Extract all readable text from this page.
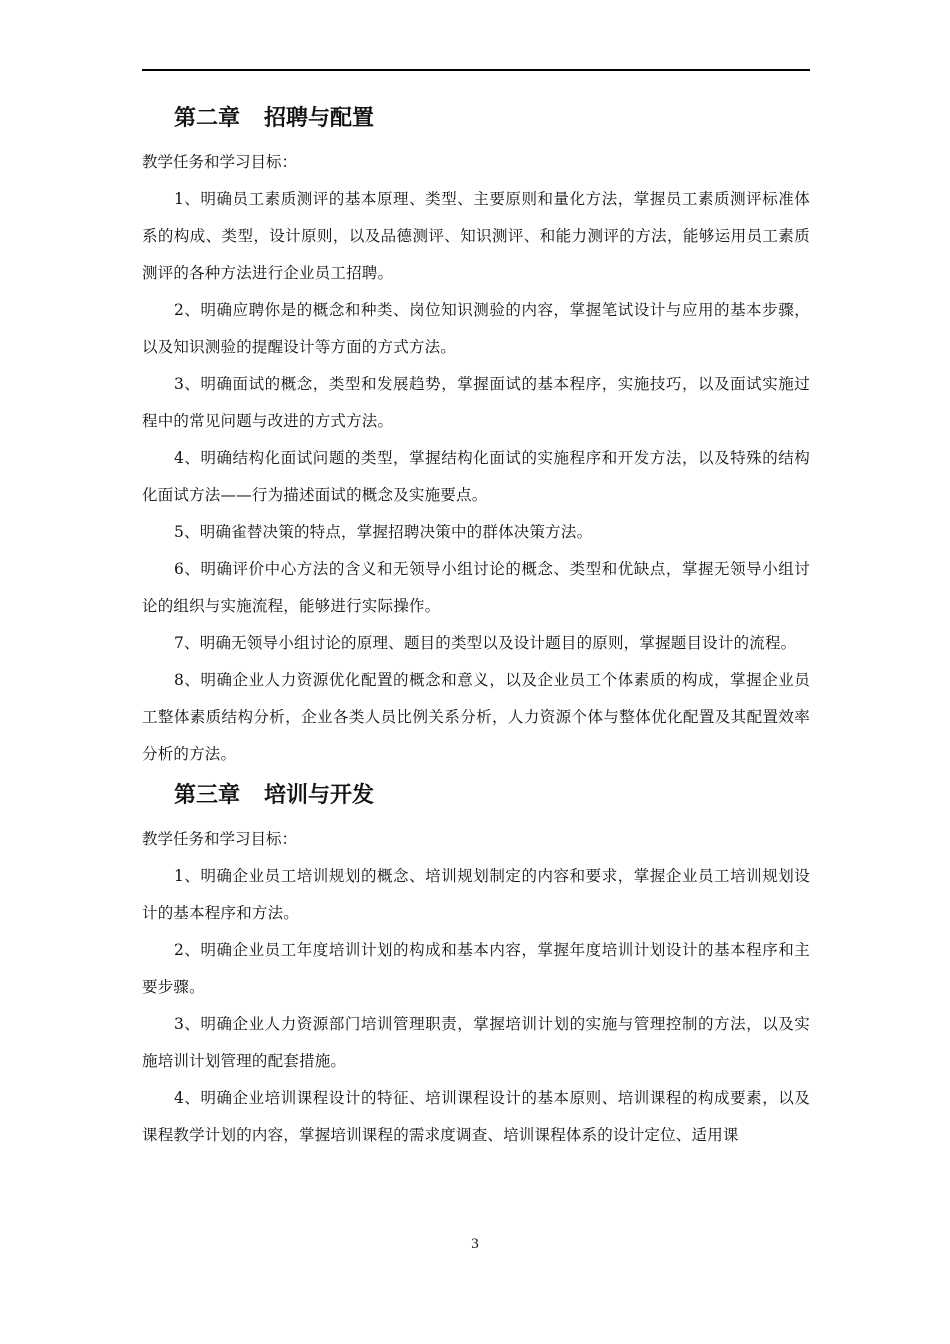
第二章 招聘与配置

教学任务和学习目标：

1、明确员工素质测评的基本原理、类型、主要原则和量化方法，掌握员工素质测评标准体系的构成、类型，设计原则，以及品德测评、知识测评、和能力测评的方法，能够运用员工素质测评的各种方法进行企业员工招聘。

2、明确应聘你是的概念和种类、岗位知识测验的内容，掌握笔试设计与应用的基本步骤，以及知识测验的提醒设计等方面的方式方法。

3、明确面试的概念，类型和发展趋势，掌握面试的基本程序，实施技巧，以及面试实施过程中的常见问题与改进的方式方法。

4、明确结构化面试问题的类型，掌握结构化面试的实施程序和开发方法，以及特殊的结构化面试方法——行为描述面试的概念及实施要点。

5、明确雀替决策的特点，掌握招聘决策中的群体决策方法。

6、明确评价中心方法的含义和无领导小组讨论的概念、类型和优缺点，掌握无领导小组讨论的组织与实施流程，能够进行实际操作。

7、明确无领导小组讨论的原理、题目的类型以及设计题目的原则，掌握题目设计的流程。

8、明确企业人力资源优化配置的概念和意义，以及企业员工个体素质的构成，掌握企业员工整体素质结构分析，企业各类人员比例关系分析，人力资源个体与整体优化配置及其配置效率分析的方法。

第三章 培训与开发

教学任务和学习目标：

1、明确企业员工培训规划的概念、培训规划制定的内容和要求，掌握企业员工培训规划设计的基本程序和方法。

2、明确企业员工年度培训计划的构成和基本内容，掌握年度培训计划设计的基本程序和主要步骤。

3、明确企业人力资源部门培训管理职责，掌握培训计划的实施与管理控制的方法，以及实施培训计划管理的配套措施。

4、明确企业培训课程设计的特征、培训课程设计的基本原则、培训课程的构成要素，以及课程教学计划的内容，掌握培训课程的需求度调查、培训课程体系的设计定位、适用课

3
